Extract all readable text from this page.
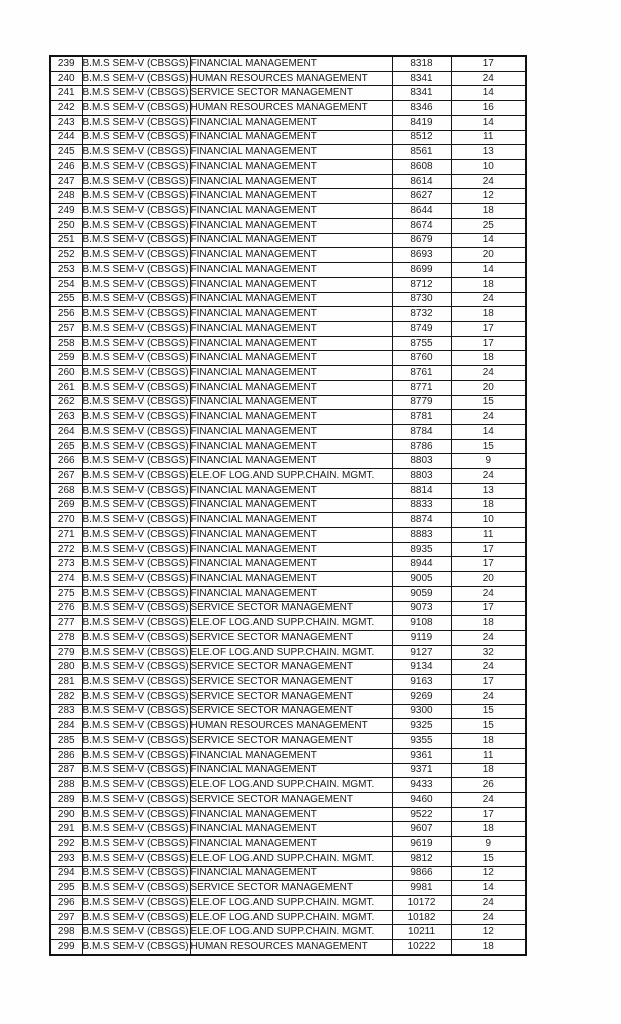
239	B.M.S SEM-V (CBSGS)	FINANCIAL MANAGEMENT	8318	17
240	B.M.S SEM-V (CBSGS)	HUMAN RESOURCES MANAGEMENT	8341	24
241	B.M.S SEM-V (CBSGS)	SERVICE SECTOR MANAGEMENT	8341	14
242	B.M.S SEM-V (CBSGS)	HUMAN RESOURCES MANAGEMENT	8346	16
243	B.M.S SEM-V (CBSGS)	FINANCIAL MANAGEMENT	8419	14
244	B.M.S SEM-V (CBSGS)	FINANCIAL MANAGEMENT	8512	11
245	B.M.S SEM-V (CBSGS)	FINANCIAL MANAGEMENT	8561	13
246	B.M.S SEM-V (CBSGS)	FINANCIAL MANAGEMENT	8608	10
247	B.M.S SEM-V (CBSGS)	FINANCIAL MANAGEMENT	8614	24
248	B.M.S SEM-V (CBSGS)	FINANCIAL MANAGEMENT	8627	12
249	B.M.S SEM-V (CBSGS)	FINANCIAL MANAGEMENT	8644	18
250	B.M.S SEM-V (CBSGS)	FINANCIAL MANAGEMENT	8674	25
251	B.M.S SEM-V (CBSGS)	FINANCIAL MANAGEMENT	8679	14
252	B.M.S SEM-V (CBSGS)	FINANCIAL MANAGEMENT	8693	20
253	B.M.S SEM-V (CBSGS)	FINANCIAL MANAGEMENT	8699	14
254	B.M.S SEM-V (CBSGS)	FINANCIAL MANAGEMENT	8712	18
255	B.M.S SEM-V (CBSGS)	FINANCIAL MANAGEMENT	8730	24
256	B.M.S SEM-V (CBSGS)	FINANCIAL MANAGEMENT	8732	18
257	B.M.S SEM-V (CBSGS)	FINANCIAL MANAGEMENT	8749	17
258	B.M.S SEM-V (CBSGS)	FINANCIAL MANAGEMENT	8755	17
259	B.M.S SEM-V (CBSGS)	FINANCIAL MANAGEMENT	8760	18
260	B.M.S SEM-V (CBSGS)	FINANCIAL MANAGEMENT	8761	24
261	B.M.S SEM-V (CBSGS)	FINANCIAL MANAGEMENT	8771	20
262	B.M.S SEM-V (CBSGS)	FINANCIAL MANAGEMENT	8779	15
263	B.M.S SEM-V (CBSGS)	FINANCIAL MANAGEMENT	8781	24
264	B.M.S SEM-V (CBSGS)	FINANCIAL MANAGEMENT	8784	14
265	B.M.S SEM-V (CBSGS)	FINANCIAL MANAGEMENT	8786	15
266	B.M.S SEM-V (CBSGS)	FINANCIAL MANAGEMENT	8803	9
267	B.M.S SEM-V (CBSGS)	ELE.OF LOG.AND SUPP.CHAIN. MGMT.	8803	24
268	B.M.S SEM-V (CBSGS)	FINANCIAL MANAGEMENT	8814	13
269	B.M.S SEM-V (CBSGS)	FINANCIAL MANAGEMENT	8833	18
270	B.M.S SEM-V (CBSGS)	FINANCIAL MANAGEMENT	8874	10
271	B.M.S SEM-V (CBSGS)	FINANCIAL MANAGEMENT	8883	11
272	B.M.S SEM-V (CBSGS)	FINANCIAL MANAGEMENT	8935	17
273	B.M.S SEM-V (CBSGS)	FINANCIAL MANAGEMENT	8944	17
274	B.M.S SEM-V (CBSGS)	FINANCIAL MANAGEMENT	9005	20
275	B.M.S SEM-V (CBSGS)	FINANCIAL MANAGEMENT	9059	24
276	B.M.S SEM-V (CBSGS)	SERVICE SECTOR MANAGEMENT	9073	17
277	B.M.S SEM-V (CBSGS)	ELE.OF LOG.AND SUPP.CHAIN. MGMT.	9108	18
278	B.M.S SEM-V (CBSGS)	SERVICE SECTOR MANAGEMENT	9119	24
279	B.M.S SEM-V (CBSGS)	ELE.OF LOG.AND SUPP.CHAIN. MGMT.	9127	32
280	B.M.S SEM-V (CBSGS)	SERVICE SECTOR MANAGEMENT	9134	24
281	B.M.S SEM-V (CBSGS)	SERVICE SECTOR MANAGEMENT	9163	17
282	B.M.S SEM-V (CBSGS)	SERVICE SECTOR MANAGEMENT	9269	24
283	B.M.S SEM-V (CBSGS)	SERVICE SECTOR MANAGEMENT	9300	15
284	B.M.S SEM-V (CBSGS)	HUMAN RESOURCES MANAGEMENT	9325	15
285	B.M.S SEM-V (CBSGS)	SERVICE SECTOR MANAGEMENT	9355	18
286	B.M.S SEM-V (CBSGS)	FINANCIAL MANAGEMENT	9361	11
287	B.M.S SEM-V (CBSGS)	FINANCIAL MANAGEMENT	9371	18
288	B.M.S SEM-V (CBSGS)	ELE.OF LOG.AND SUPP.CHAIN. MGMT.	9433	26
289	B.M.S SEM-V (CBSGS)	SERVICE SECTOR MANAGEMENT	9460	24
290	B.M.S SEM-V (CBSGS)	FINANCIAL MANAGEMENT	9522	17
291	B.M.S SEM-V (CBSGS)	FINANCIAL MANAGEMENT	9607	18
292	B.M.S SEM-V (CBSGS)	FINANCIAL MANAGEMENT	9619	9
293	B.M.S SEM-V (CBSGS)	ELE.OF LOG.AND SUPP.CHAIN. MGMT.	9812	15
294	B.M.S SEM-V (CBSGS)	FINANCIAL MANAGEMENT	9866	12
295	B.M.S SEM-V (CBSGS)	SERVICE SECTOR MANAGEMENT	9981	14
296	B.M.S SEM-V (CBSGS)	ELE.OF LOG.AND SUPP.CHAIN. MGMT.	10172	24
297	B.M.S SEM-V (CBSGS)	ELE.OF LOG.AND SUPP.CHAIN. MGMT.	10182	24
298	B.M.S SEM-V (CBSGS)	ELE.OF LOG.AND SUPP.CHAIN. MGMT.	10211	12
299	B.M.S SEM-V (CBSGS)	HUMAN RESOURCES MANAGEMENT	10222	18
